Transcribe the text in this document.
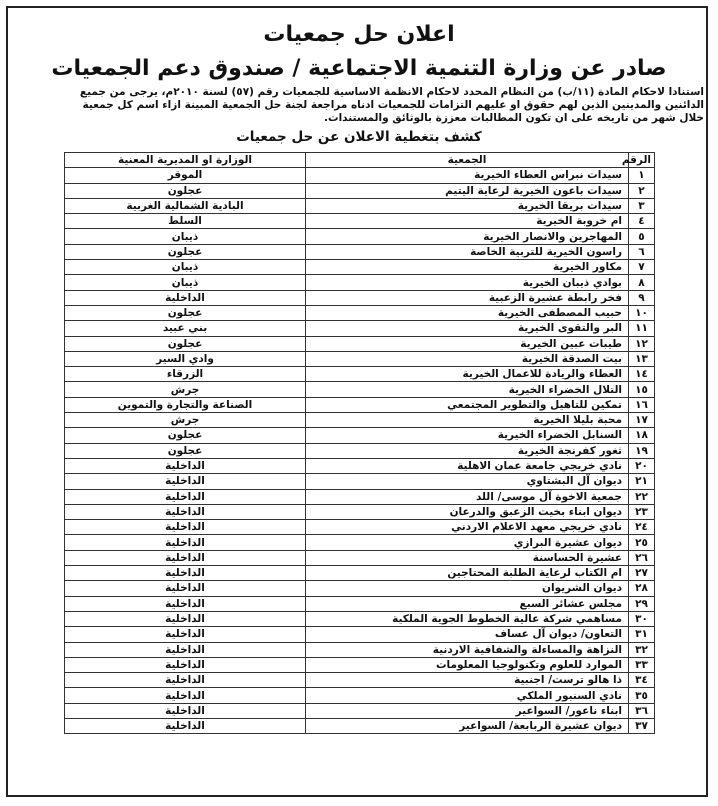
اعلان حل جمعيات
صادر عن وزارة التنمية الاجتماعية / صندوق دعم الجمعيات
استنادا لاحكام المادة (١١/ب) من النظام المحدد لاحكام الانظمة الاساسية للجمعيات رقم (٥٧) لسنة ٢٠١٠م، يرجى من جميع
الدائنين والمدينين الذين لهم حقوق او عليهم التزامات للجمعيات ادناه مراجعة لجنة حل الجمعية المبينة ازاء اسم كل جمعية
خلال شهر من تاريخه على ان تكون المطالبات معززة بالوثائق والمستندات.
كشف بتغطية الاعلان عن حل جمعيات
الرقم	الجمعية	الوزارة او المديرية المعنية
١	سيدات نبراس العطاء الخيرية	الموقر
٢	سيدات باعون الخيرية لرعاية اليتيم	عجلون
٣	سيدات بريقا الخيرية	البادية الشمالية الغربية
٤	ام خروبة الخيرية	السلط
٥	المهاجرين والانصار الخيرية	ذيبان
٦	راسون الخيرية للتربية الخاصة	عجلون
٧	مكاور الخيرية	ذيبان
٨	بوادي ذيبان الخيرية	ذيبان
٩	فخر رابطة عشيرة الزعبية	الداخلية
١٠	حبيب المصطفى الخيرية	عجلون
١١	البر والتقوى الخيرية	بني عبيد
١٢	طيبات عبين الخيرية	عجلون
١٣	بيت الصدقة الخيرية	وادي السير
١٤	العطاء والريادة للاعمال الخيرية	الزرقاء
١٥	التلال الخضراء الخيرية	جرش
١٦	تمكين للتاهيل والتطوير المجتمعي	الصناعة والتجارة والتموين
١٧	محبة بليلا الخيرية	جرش
١٨	السنابل الخضراء الخيرية	عجلون
١٩	ثغور كفرنجة الخيرية	عجلون
٢٠	نادي خريجي جامعة عمان الاهلية	الداخلية
٢١	ديوان آل البشتاوي	الداخلية
٢٢	جمعية الاخوة آل موسى/ اللد	الداخلية
٢٣	ديوان ابناء بخيت الزعبق والدرعان	الداخلية
٢٤	نادي خريجي معهد الاعلام الاردني	الداخلية
٢٥	ديوان عشيرة البرازي	الداخلية
٢٦	عشيرة الحساسنة	الداخلية
٢٧	ام الكتاب لرعاية الطلبة المحتاجين	الداخلية
٢٨	ديوان الشريوان	الداخلية
٢٩	مجلس عشائر السبع	الداخلية
٣٠	مساهمي شركة عالية الخطوط الجوية الملكية	الداخلية
٣١	التعاون/ ديوان آل عساف	الداخلية
٣٢	النزاهة والمساءلة والشفافية الاردنية	الداخلية
٣٣	الموارد للعلوم وتكنولوجيا المعلومات	الداخلية
٣٤	ذا هالو ترست/ اجنبية	الداخلية
٣٥	نادي السنبور الملكي	الداخلية
٣٦	ابناء ناعور/ السواعير	الداخلية
٣٧	ديوان عشيرة الربابعة/ السواعير	الداخلية
